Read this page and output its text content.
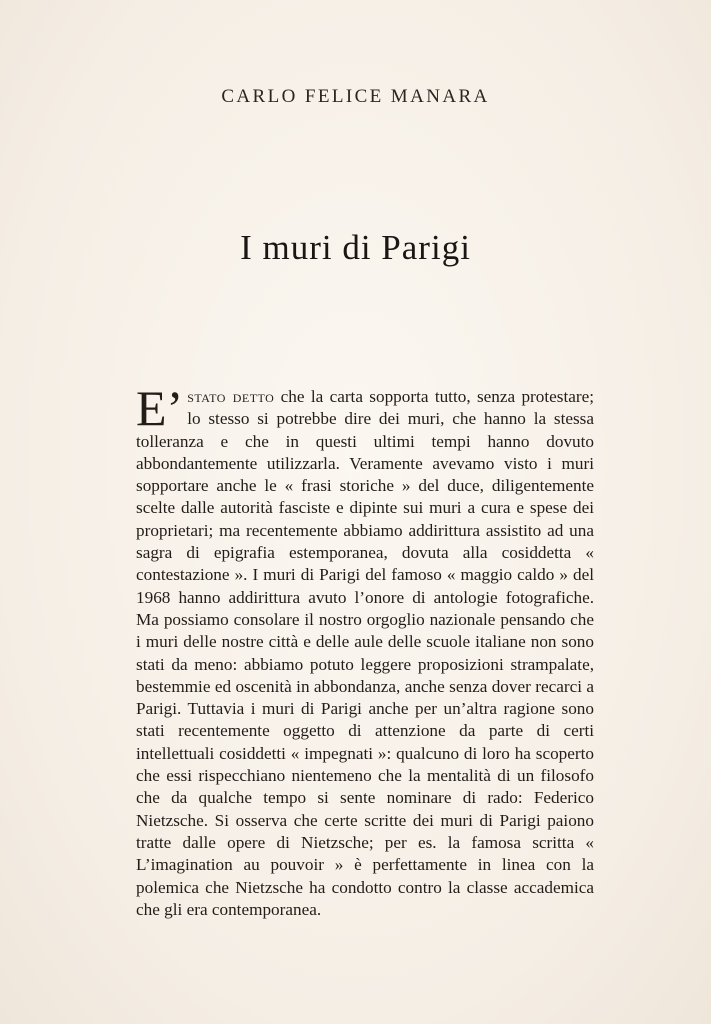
CARLO FELICE MANARA
I muri di Parigi

E’ stato detto che la carta sopporta tutto, senza protestare; lo stesso si potrebbe dire dei muri, che hanno la stessa tolleranza e che in questi ultimi tempi hanno dovuto abbondantemente utilizzarla. Veramente avevamo visto i muri sopportare anche le « frasi storiche » del duce, diligentemente scelte dalle autorità fasciste e dipinte sui muri a cura e spese dei proprietari; ma recentemente abbiamo addirittura assistito ad una sagra di epigrafia estemporanea, dovuta alla cosiddetta « contestazione ». I muri di Parigi del famoso « maggio caldo » del 1968 hanno addirittura avuto l’onore di antologie fotografiche. Ma possiamo consolare il nostro orgoglio nazionale pensando che i muri delle nostre città e delle aule delle scuole italiane non sono stati da meno: abbiamo potuto leggere proposizioni strampalate, bestemmie ed oscenità in abbondanza, anche senza dover recarci a Parigi. Tuttavia i muri di Parigi anche per un’altra ragione sono stati recentemente oggetto di attenzione da parte di certi intellettuali cosiddetti « impegnati »: qualcuno di loro ha scoperto che essi rispecchiano nientemeno che la mentalità di un filosofo che da qualche tempo si sente nominare di rado: Federico Nietzsche. Si osserva che certe scritte dei muri di Parigi paiono tratte dalle opere di Nietzsche; per es. la famosa scritta « L’imagination au pouvoir » è perfettamente in linea con la polemica che Nietzsche ha condotto contro la classe accademica che gli era contemporanea.
